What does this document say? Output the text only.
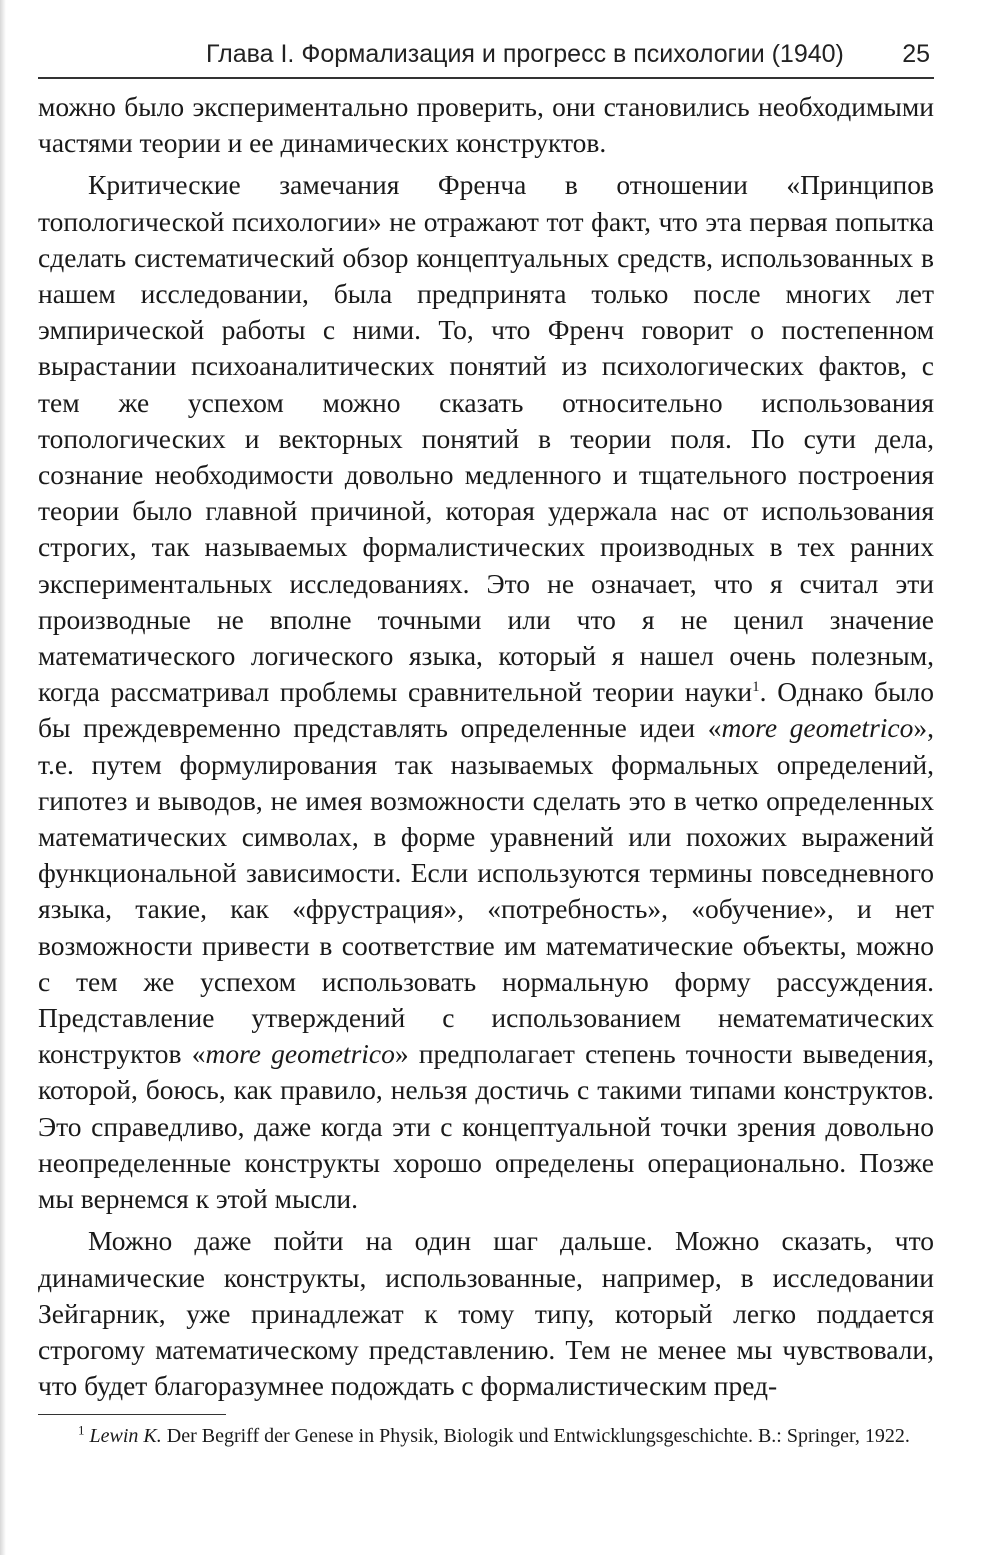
Глава I. Формализация и прогресс в психологии (1940) 25

можно было экспериментально проверить, они становились необходимыми частями теории и ее динамических конструктов.

Критические замечания Френча в отношении «Принципов топологической психологии» не отражают тот факт, что эта первая попытка сделать систематический обзор концептуальных средств, использованных в нашем исследовании, была предпринята только после многих лет эмпирической работы с ними. То, что Френч говорит о постепенном вырастании психоаналитических понятий из психологических фактов, с тем же успехом можно сказать относительно использования топологических и векторных понятий в теории поля. По сути дела, сознание необходимости довольно медленного и тщательного построения теории было главной причиной, которая удержала нас от использования строгих, так называемых формалистических производных в тех ранних экспериментальных исследованиях. Это не означает, что я считал эти производные не вполне точными или что я не ценил значение математического логического языка, который я нашел очень полезным, когда рассматривал проблемы сравнительной теории науки$^1$. Однако было бы преждевременно представлять определенные идеи «more geometrico», т.е. путем формулирования так называемых формальных определений, гипотез и выводов, не имея возможности сделать это в четко определенных математических символах, в форме уравнений или похожих выражений функциональной зависимости. Если используются термины повседневного языка, такие, как «фрустрация», «потребность», «обучение», и нет возможности привести в соответствие им математические объекты, можно с тем же успехом использовать нормальную форму рассуждения. Представление утверждений с использованием нематематических конструктов «more geometrico» предполагает степень точности выведения, которой, боюсь, как правило, нельзя достичь с такими типами конструктов. Это справедливо, даже когда эти с концептуальной точки зрения довольно неопределенные конструкты хорошо определены операционально. Позже мы вернемся к этой мысли.

Можно даже пойти на один шаг дальше. Можно сказать, что динамические конструкты, использованные, например, в исследовании Зейгарник, уже принадлежат к тому типу, который легко поддается строгому математическому представлению. Тем не менее мы чувствовали, что будет благоразумнее подождать с формалистическим пред-

$^1$ Lewin K. Der Begriff der Genese in Physik, Biologik und Entwicklungsgeschichte. B.: Springer, 1922.
